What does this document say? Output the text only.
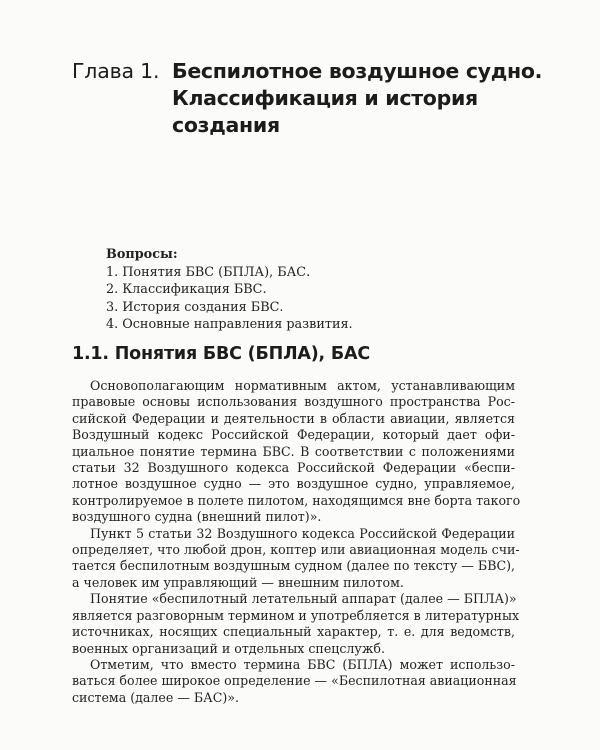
Глава 1. Беспилотное воздушное судно.
Классификация и история
создания
Вопросы:
1. Понятия БВС (БПЛА), БАС.
2. Классификация БВС.
3. История создания БВС.
4. Основные направления развития.
1.1. Понятия БВС (БПЛА), БАС
Основополагающим нормативным актом, устанавливающим
правовые основы использования воздушного пространства Рос-
сийской Федерации и деятельности в области авиации, является
Воздушный кодекс Российской Федерации, который дает офи-
циальное понятие термина БВС. В соответствии с положениями
статьи 32 Воздушного кодекса Российской Федерации «беспи-
лотное воздушное судно — это воздушное судно, управляемое,
контролируемое в полете пилотом, находящимся вне борта такого
воздушного судна (внешний пилот)».
Пункт 5 статьи 32 Воздушного кодекса Российской Федерации
определяет, что любой дрон, коптер или авиационная модель счи-
тается беспилотным воздушным судном (далее по тексту — БВС),
а человек им управляющий — внешним пилотом.
Понятие «беспилотный летательный аппарат (далее — БПЛА)»
является разговорным термином и употребляется в литературных
источниках, носящих специальный характер, т. е. для ведомств,
военных организаций и отдельных спецслужб.
Отметим, что вместо термина БВС (БПЛА) может использо-
ваться более широкое определение — «Беспилотная авиационная
система (далее — БАС)».
